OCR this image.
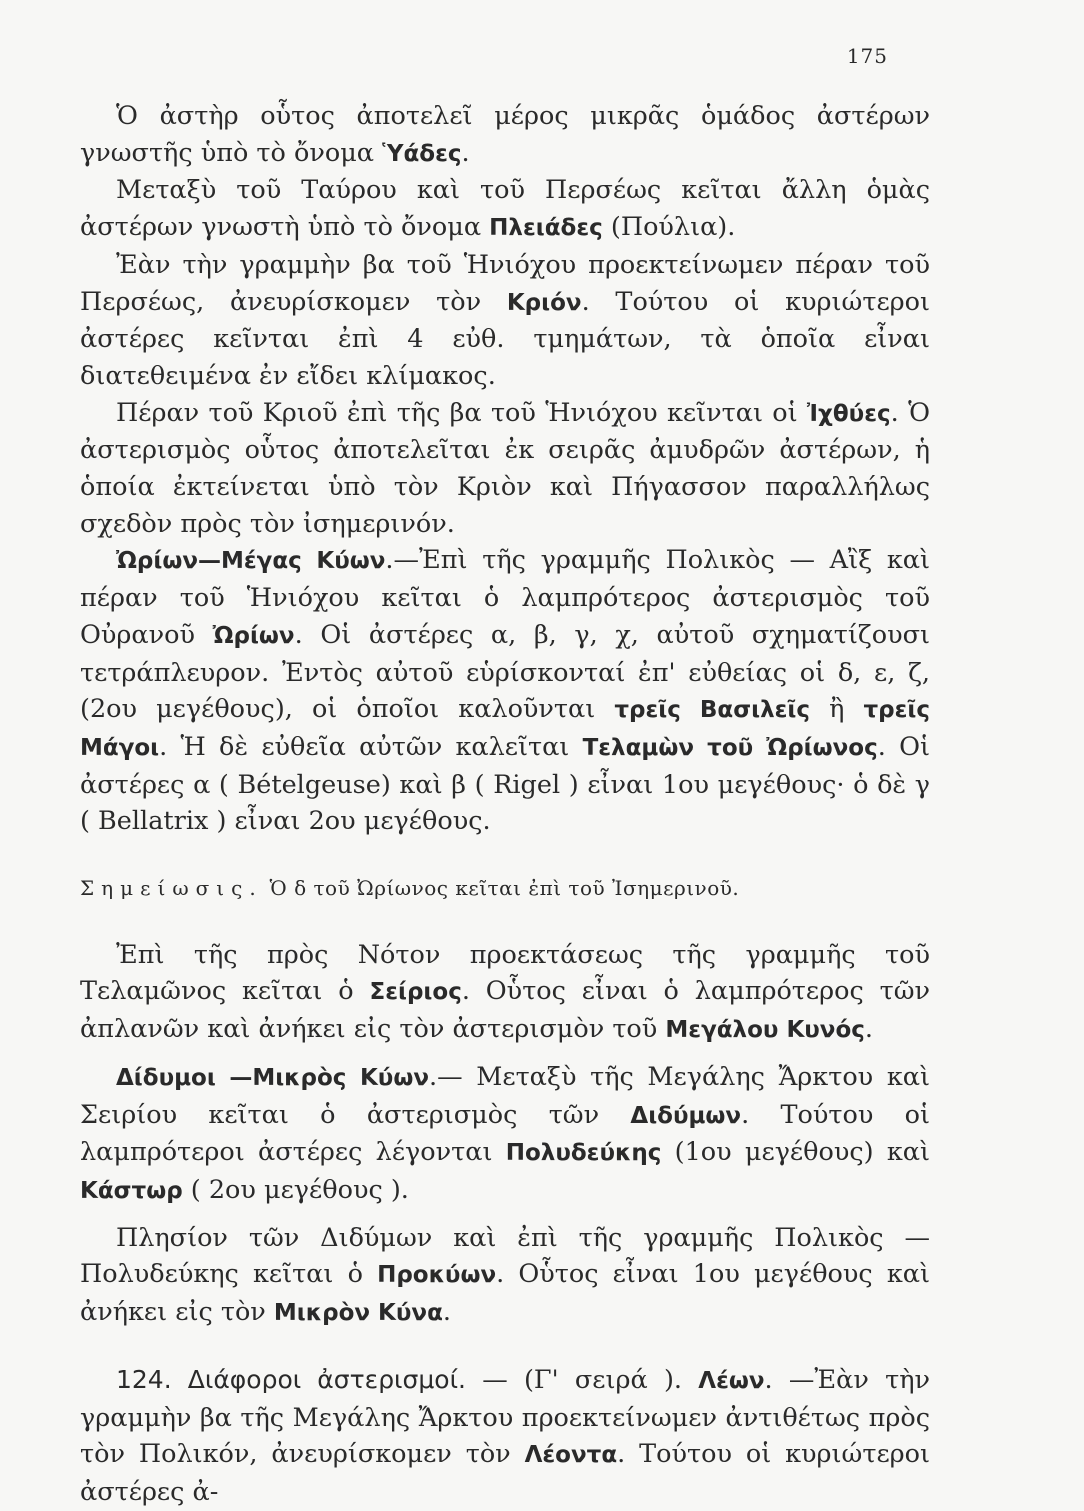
175

Ὁ ἀστὴρ οὗτος ἀποτελεῖ μέρος μικρᾶς ὁμάδος ἀστέρων γνωστῆς ὑπὸ τὸ ὄνομα Ὑάδες.

Μεταξὺ τοῦ Ταύρου καὶ τοῦ Περσέως κεῖται ἄλλη ὁμὰς ἀστέρων γνωστὴ ὑπὸ τὸ ὄνομα Πλειάδες (Πούλια).

Ἐὰν τὴν γραμμὴν βα τοῦ Ἡνιόχου προεκτείνωμεν πέραν τοῦ Περσέως, ἀνευρίσκομεν τὸν Κριόν. Τούτου οἱ κυριώτεροι ἀστέρες κεῖνται ἐπὶ 4 εὐθ. τμημάτων, τὰ ὁποῖα εἶναι διατεθειμένα ἐν εἴδει κλίμακος.

Πέραν τοῦ Κριοῦ ἐπὶ τῆς βα τοῦ Ἡνιόχου κεῖνται οἱ Ἰχθύες. Ὁ ἀστερισμὸς οὗτος ἀποτελεῖται ἐκ σειρᾶς ἀμυδρῶν ἀστέρων, ἡ ὁποία ἐκτείνεται ὑπὸ τὸν Κριὸν καὶ Πήγασσον παραλλήλως σχεδὸν πρὸς τὸν ἰσημερινόν.

Ὠρίων—Μέγας Κύων.—Ἐπὶ τῆς γραμμῆς Πολικὸς — Αἲξ καὶ πέραν τοῦ Ἡνιόχου κεῖται ὁ λαμπρότερος ἀστερισμὸς τοῦ Οὐρανοῦ Ὠρίων. Οἱ ἀστέρες α, β, γ, χ, αὐτοῦ σχηματίζουσι τετράπλευρον. Ἐντὸς αὐτοῦ εὑρίσκονταί ἐπ' εὐθείας οἱ δ, ε, ζ, (2ου μεγέθους), οἱ ὁποῖοι καλοῦνται τρεῖς Βασιλεῖς ἢ τρεῖς Μάγοι. Ἡ δὲ εὐθεῖα αὐτῶν καλεῖται Τελαμὼν τοῦ Ὠρίωνος. Οἱ ἀστέρες α ( Bételgeuse) καὶ β ( Rigel ) εἶναι 1ου μεγέθους· ὁ δὲ γ ( Bellatrix ) εἶναι 2ου μεγέθους.

Σημείωσις. Ὁ δ τοῦ Ὠρίωνος κεῖται ἐπὶ τοῦ Ἰσημερινοῦ.

Ἐπὶ τῆς πρὸς Νότον προεκτάσεως τῆς γραμμῆς τοῦ Τελαμῶνος κεῖται ὁ Σείριος. Οὗτος εἶναι ὁ λαμπρότερος τῶν ἀπλανῶν καὶ ἀνήκει εἰς τὸν ἀστερισμὸν τοῦ Μεγάλου Κυνός.

Δίδυμοι —Μικρὸς Κύων.— Μεταξὺ τῆς Μεγάλης Ἄρκτου καὶ Σειρίου κεῖται ὁ ἀστερισμὸς τῶν Διδύμων. Τούτου οἱ λαμπρότεροι ἀστέρες λέγονται Πολυδεύκης (1ου μεγέθους) καὶ Κάστωρ ( 2ου μεγέθους ).

Πλησίον τῶν Διδύμων καὶ ἐπὶ τῆς γραμμῆς Πολικὸς — Πολυδεύκης κεῖται ὁ Προκύων. Οὗτος εἶναι 1ου μεγέθους καὶ ἀνήκει εἰς τὸν Μικρὸν Κύνα.

124. Διάφοροι ἀστερισμοί. — (Γ' σειρά ). Λέων. —Ἐὰν τὴν γραμμὴν βα τῆς Μεγάλης Ἄρκτου προεκτείνωμεν ἀντιθέτως πρὸς τὸν Πολικόν, ἀνευρίσκομεν τὸν Λέοντα. Τούτου οἱ κυριώτεροι ἀστέρες ἀ-
